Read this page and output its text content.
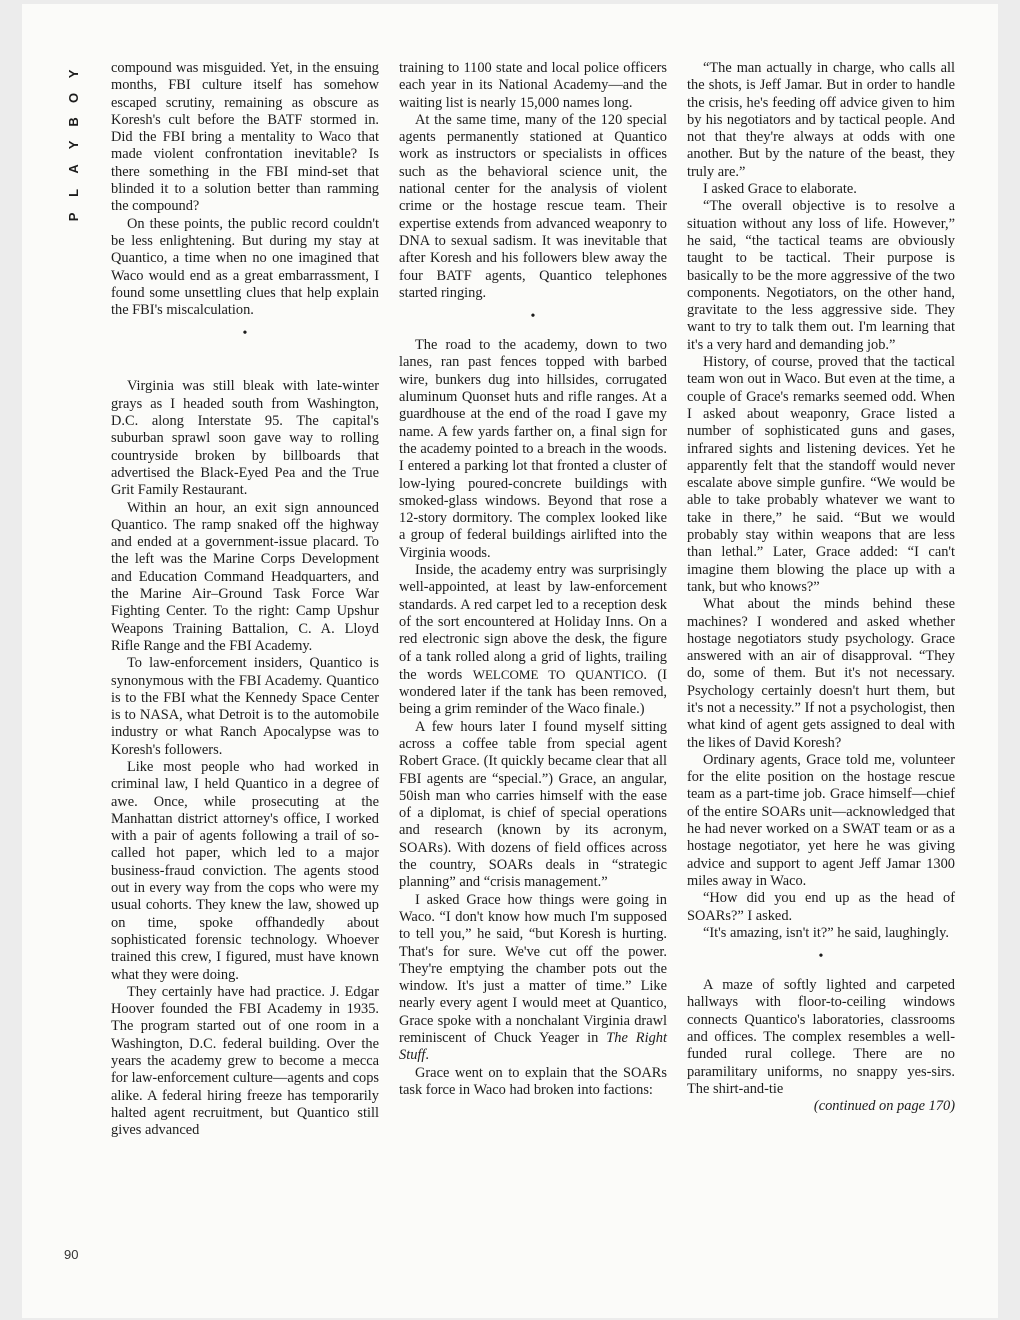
Y
O
B
Y
A
L
P
90

compound was misguided. Yet, in the ensuing months, FBI culture itself has somehow escaped scrutiny, remaining as obscure as Koresh's cult before the BATF stormed in. Did the FBI bring a mentality to Waco that made violent confrontation inevitable? Is there something in the FBI mind-set that blinded it to a solution better than ramming the compound?

On these points, the public record couldn't be less enlightening. But during my stay at Quantico, a time when no one imagined that Waco would end as a great embarrassment, I found some unsettling clues that help explain the FBI's miscalculation.

•

Virginia was still bleak with late-winter grays as I headed south from Washington, D.C. along Interstate 95. The capital's suburban sprawl soon gave way to rolling countryside broken by billboards that advertised the Black-Eyed Pea and the True Grit Family Restaurant.

Within an hour, an exit sign announced Quantico. The ramp snaked off the highway and ended at a government-issue placard. To the left was the Marine Corps Development and Education Command Headquarters, and the Marine Air–Ground Task Force War Fighting Center. To the right: Camp Upshur Weapons Training Battalion, C. A. Lloyd Rifle Range and the FBI Academy.

To law-enforcement insiders, Quantico is synonymous with the FBI Academy. Quantico is to the FBI what the Kennedy Space Center is to NASA, what Detroit is to the automobile industry or what Ranch Apocalypse was to Koresh's followers.

Like most people who had worked in criminal law, I held Quantico in a degree of awe. Once, while prosecuting at the Manhattan district attorney's office, I worked with a pair of agents following a trail of so-called hot paper, which led to a major business-fraud conviction. The agents stood out in every way from the cops who were my usual cohorts. They knew the law, showed up on time, spoke offhandedly about sophisticated forensic technology. Whoever trained this crew, I figured, must have known what they were doing.

They certainly have had practice. J. Edgar Hoover founded the FBI Academy in 1935. The program started out of one room in a Washington, D.C. federal building. Over the years the academy grew to become a mecca for law-enforcement culture—agents and cops alike. A federal hiring freeze has temporarily halted agent recruitment, but Quantico still gives advanced

training to 1100 state and local police officers each year in its National Academy—and the waiting list is nearly 15,000 names long.

At the same time, many of the 120 special agents permanently stationed at Quantico work as instructors or specialists in offices such as the behavioral science unit, the national center for the analysis of violent crime or the hostage rescue team. Their expertise extends from advanced weaponry to DNA to sexual sadism. It was inevitable that after Koresh and his followers blew away the four BATF agents, Quantico telephones started ringing.

•

The road to the academy, down to two lanes, ran past fences topped with barbed wire, bunkers dug into hillsides, corrugated aluminum Quonset huts and rifle ranges. At a guardhouse at the end of the road I gave my name. A few yards farther on, a final sign for the academy pointed to a breach in the woods. I entered a parking lot that fronted a cluster of low-lying poured-concrete buildings with smoked-glass windows. Beyond that rose a 12-story dormitory. The complex looked like a group of federal buildings airlifted into the Virginia woods.

Inside, the academy entry was surprisingly well-appointed, at least by law-enforcement standards. A red carpet led to a reception desk of the sort encountered at Holiday Inns. On a red electronic sign above the desk, the figure of a tank rolled along a grid of lights, trailing the words WELCOME TO QUANTICO. (I wondered later if the tank has been removed, being a grim reminder of the Waco finale.)

A few hours later I found myself sitting across a coffee table from special agent Robert Grace. (It quickly became clear that all FBI agents are “special.”) Grace, an angular, 50ish man who carries himself with the ease of a diplomat, is chief of special operations and research (known by its acronym, SOARs). With dozens of field offices across the country, SOARs deals in “strategic planning” and “crisis management.”

I asked Grace how things were going in Waco. “I don't know how much I'm supposed to tell you,” he said, “but Koresh is hurting. That's for sure. We've cut off the power. They're emptying the chamber pots out the window. It's just a matter of time.” Like nearly every agent I would meet at Quantico, Grace spoke with a nonchalant Virginia drawl reminiscent of Chuck Yeager in The Right Stuff.

Grace went on to explain that the SOARs task force in Waco had broken into factions:

“The man actually in charge, who calls all the shots, is Jeff Jamar. But in order to handle the crisis, he's feeding off advice given to him by his negotiators and by tactical people. And not that they're always at odds with one another. But by the nature of the beast, they truly are.”

I asked Grace to elaborate.

“The overall objective is to resolve a situation without any loss of life. However,” he said, “the tactical teams are obviously taught to be tactical. Their purpose is basically to be the more aggressive of the two components. Negotiators, on the other hand, gravitate to the less aggressive side. They want to try to talk them out. I'm learning that it's a very hard and demanding job.”

History, of course, proved that the tactical team won out in Waco. But even at the time, a couple of Grace's remarks seemed odd. When I asked about weaponry, Grace listed a number of sophisticated guns and gases, infrared sights and listening devices. Yet he apparently felt that the standoff would never escalate above simple gunfire. “We would be able to take probably whatever we want to take in there,” he said. “But we would probably stay within weapons that are less than lethal.” Later, Grace added: “I can't imagine them blowing the place up with a tank, but who knows?”

What about the minds behind these machines? I wondered and asked whether hostage negotiators study psychology. Grace answered with an air of disapproval. “They do, some of them. But it's not necessary. Psychology certainly doesn't hurt them, but it's not a necessity.” If not a psychologist, then what kind of agent gets assigned to deal with the likes of David Koresh?

Ordinary agents, Grace told me, volunteer for the elite position on the hostage rescue team as a part-time job. Grace himself—chief of the entire SOARs unit—acknowledged that he had never worked on a SWAT team or as a hostage negotiator, yet here he was giving advice and support to agent Jeff Jamar 1300 miles away in Waco.

“How did you end up as the head of SOARs?” I asked.

“It's amazing, isn't it?” he said, laughingly.

•

A maze of softly lighted and carpeted hallways with floor-to-ceiling windows connects Quantico's laboratories, classrooms and offices. The complex resembles a well-funded rural college. There are no paramilitary uniforms, no snappy yes-sirs. The shirt-and-tie

(continued on page 170)
